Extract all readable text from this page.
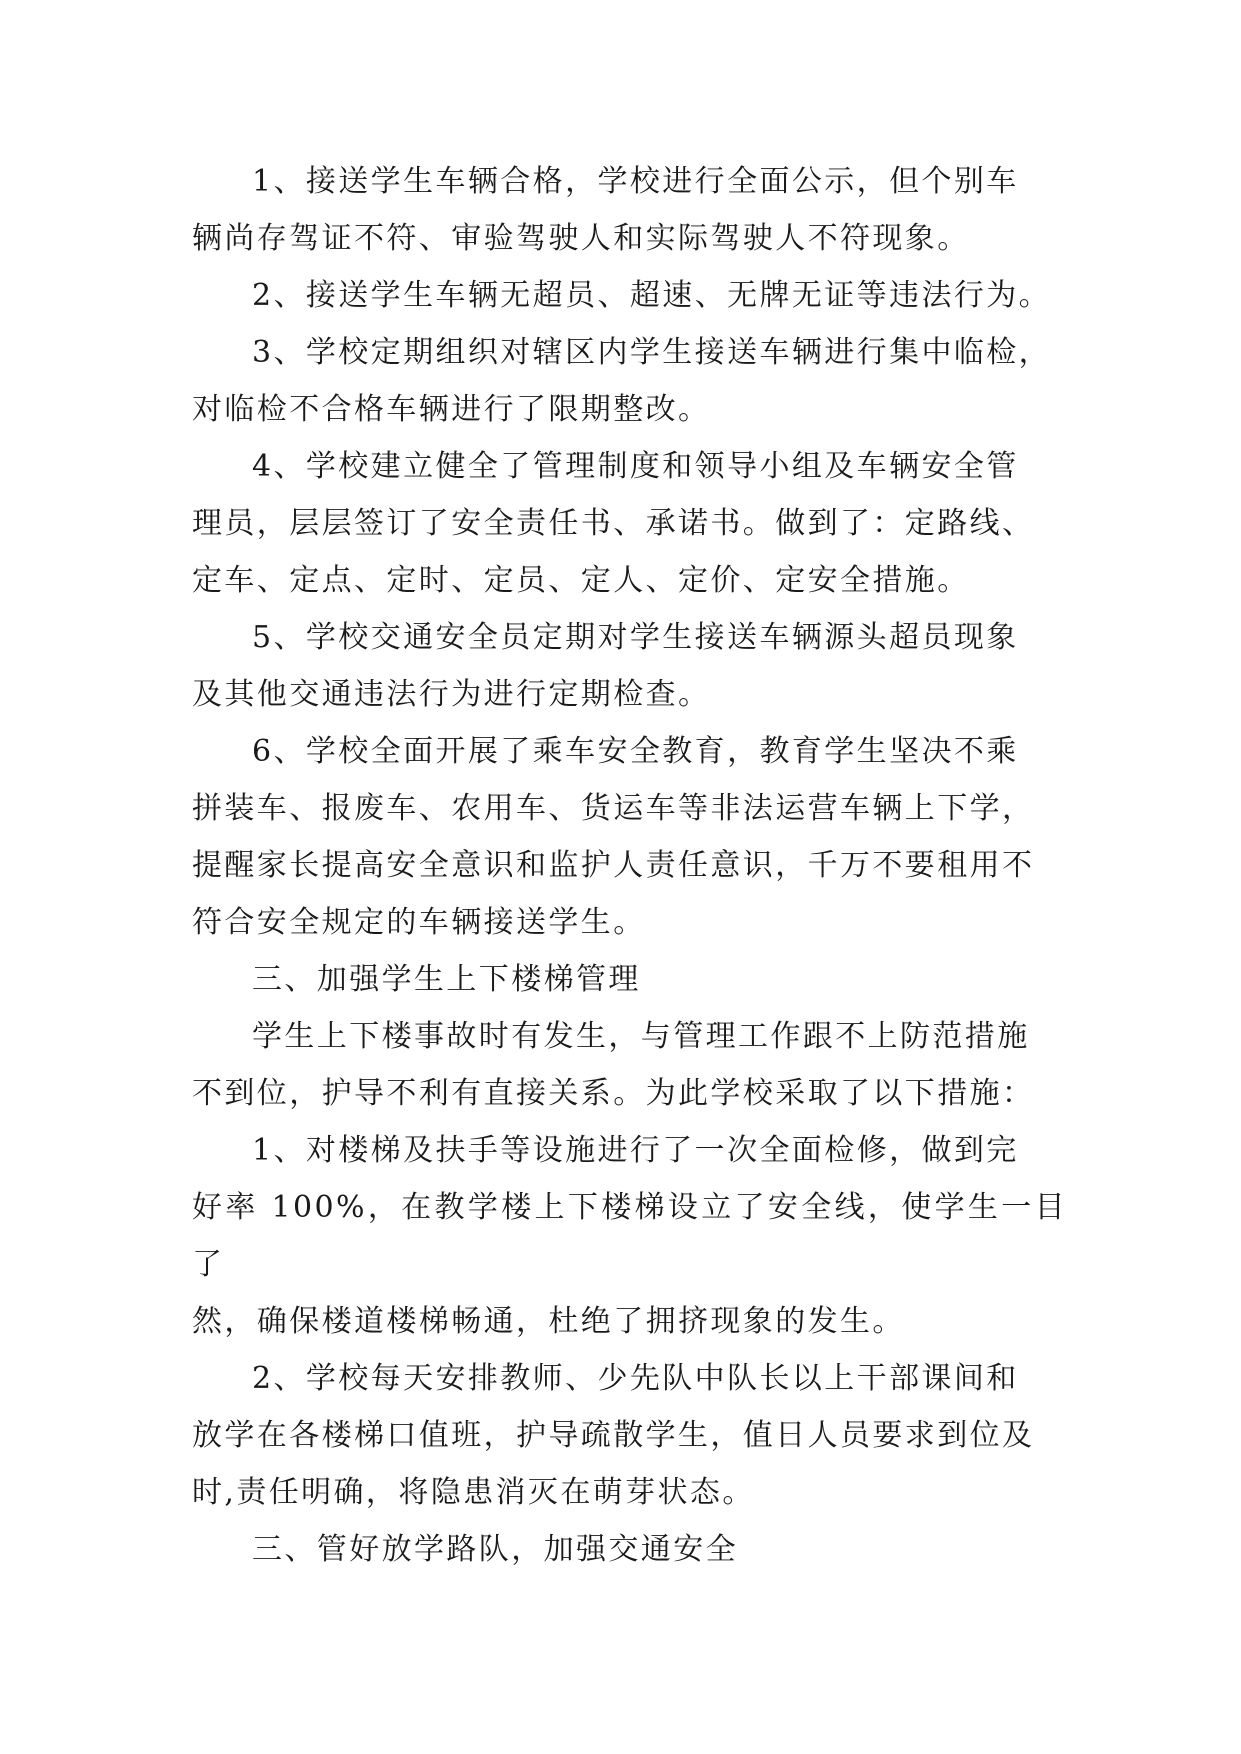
1、接送学生车辆合格，学校进行全面公示，但个别车
辆尚存驾证不符、审验驾驶人和实际驾驶人不符现象。

2、接送学生车辆无超员、超速、无牌无证等违法行为。

3、学校定期组织对辖区内学生接送车辆进行集中临检，
对临检不合格车辆进行了限期整改。

4、学校建立健全了管理制度和领导小组及车辆安全管
理员，层层签订了安全责任书、承诺书。做到了：定路线、
定车、定点、定时、定员、定人、定价、定安全措施。

5、学校交通安全员定期对学生接送车辆源头超员现象
及其他交通违法行为进行定期检查。

6、学校全面开展了乘车安全教育，教育学生坚决不乘
拼装车、报废车、农用车、货运车等非法运营车辆上下学，
提醒家长提高安全意识和监护人责任意识，千万不要租用不
符合安全规定的车辆接送学生。

三、加强学生上下楼梯管理

学生上下楼事故时有发生，与管理工作跟不上防范措施
不到位，护导不利有直接关系。为此学校采取了以下措施：

1、对楼梯及扶手等设施进行了一次全面检修，做到完
好率 100%，在教学楼上下楼梯设立了安全线，使学生一目了
然，确保楼道楼梯畅通，杜绝了拥挤现象的发生。

2、学校每天安排教师、少先队中队长以上干部课间和
放学在各楼梯口值班，护导疏散学生，值日人员要求到位及
时,责任明确，将隐患消灭在萌芽状态。

三、管好放学路队，加强交通安全
